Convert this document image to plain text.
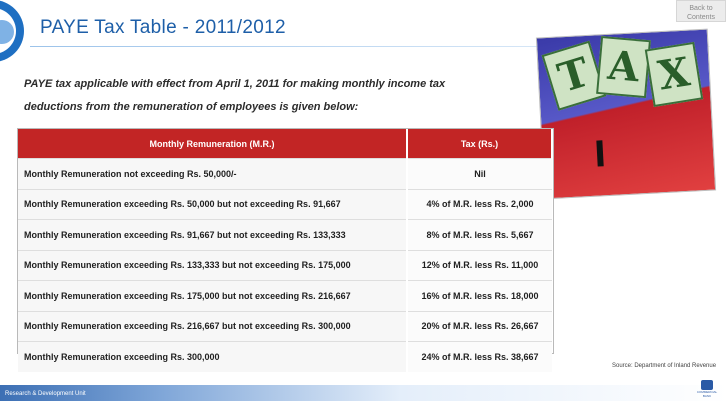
PAYE Tax Table - 2011/2012
Back to
Contents
PAYE tax applicable with effect from April 1, 2011 for making monthly income tax
deductions from the remuneration of employees is given below:
T A X
Monthly Remuneration (M.R.)	Tax (Rs.)
Monthly Remuneration not exceeding Rs. 50,000/-	Nil
Monthly Remuneration exceeding Rs. 50,000 but not exceeding Rs. 91,667	4% of M.R. less Rs. 2,000
Monthly Remuneration exceeding Rs. 91,667 but not exceeding Rs. 133,333	8% of M.R. less Rs. 5,667
Monthly Remuneration exceeding Rs. 133,333 but not exceeding Rs. 175,000	12% of M.R. less Rs. 11,000
Monthly Remuneration exceeding Rs. 175,000 but not exceeding Rs. 216,667	16% of M.R. less Rs. 18,000
Monthly Remuneration exceeding Rs. 216,667 but not exceeding Rs. 300,000	20% of M.R. less Rs. 26,667
Monthly Remuneration exceeding Rs. 300,000	24% of M.R. less Rs. 38,667
Source: Department of Inland Revenue
Research & Development Unit	COMMERCIAL BANK
